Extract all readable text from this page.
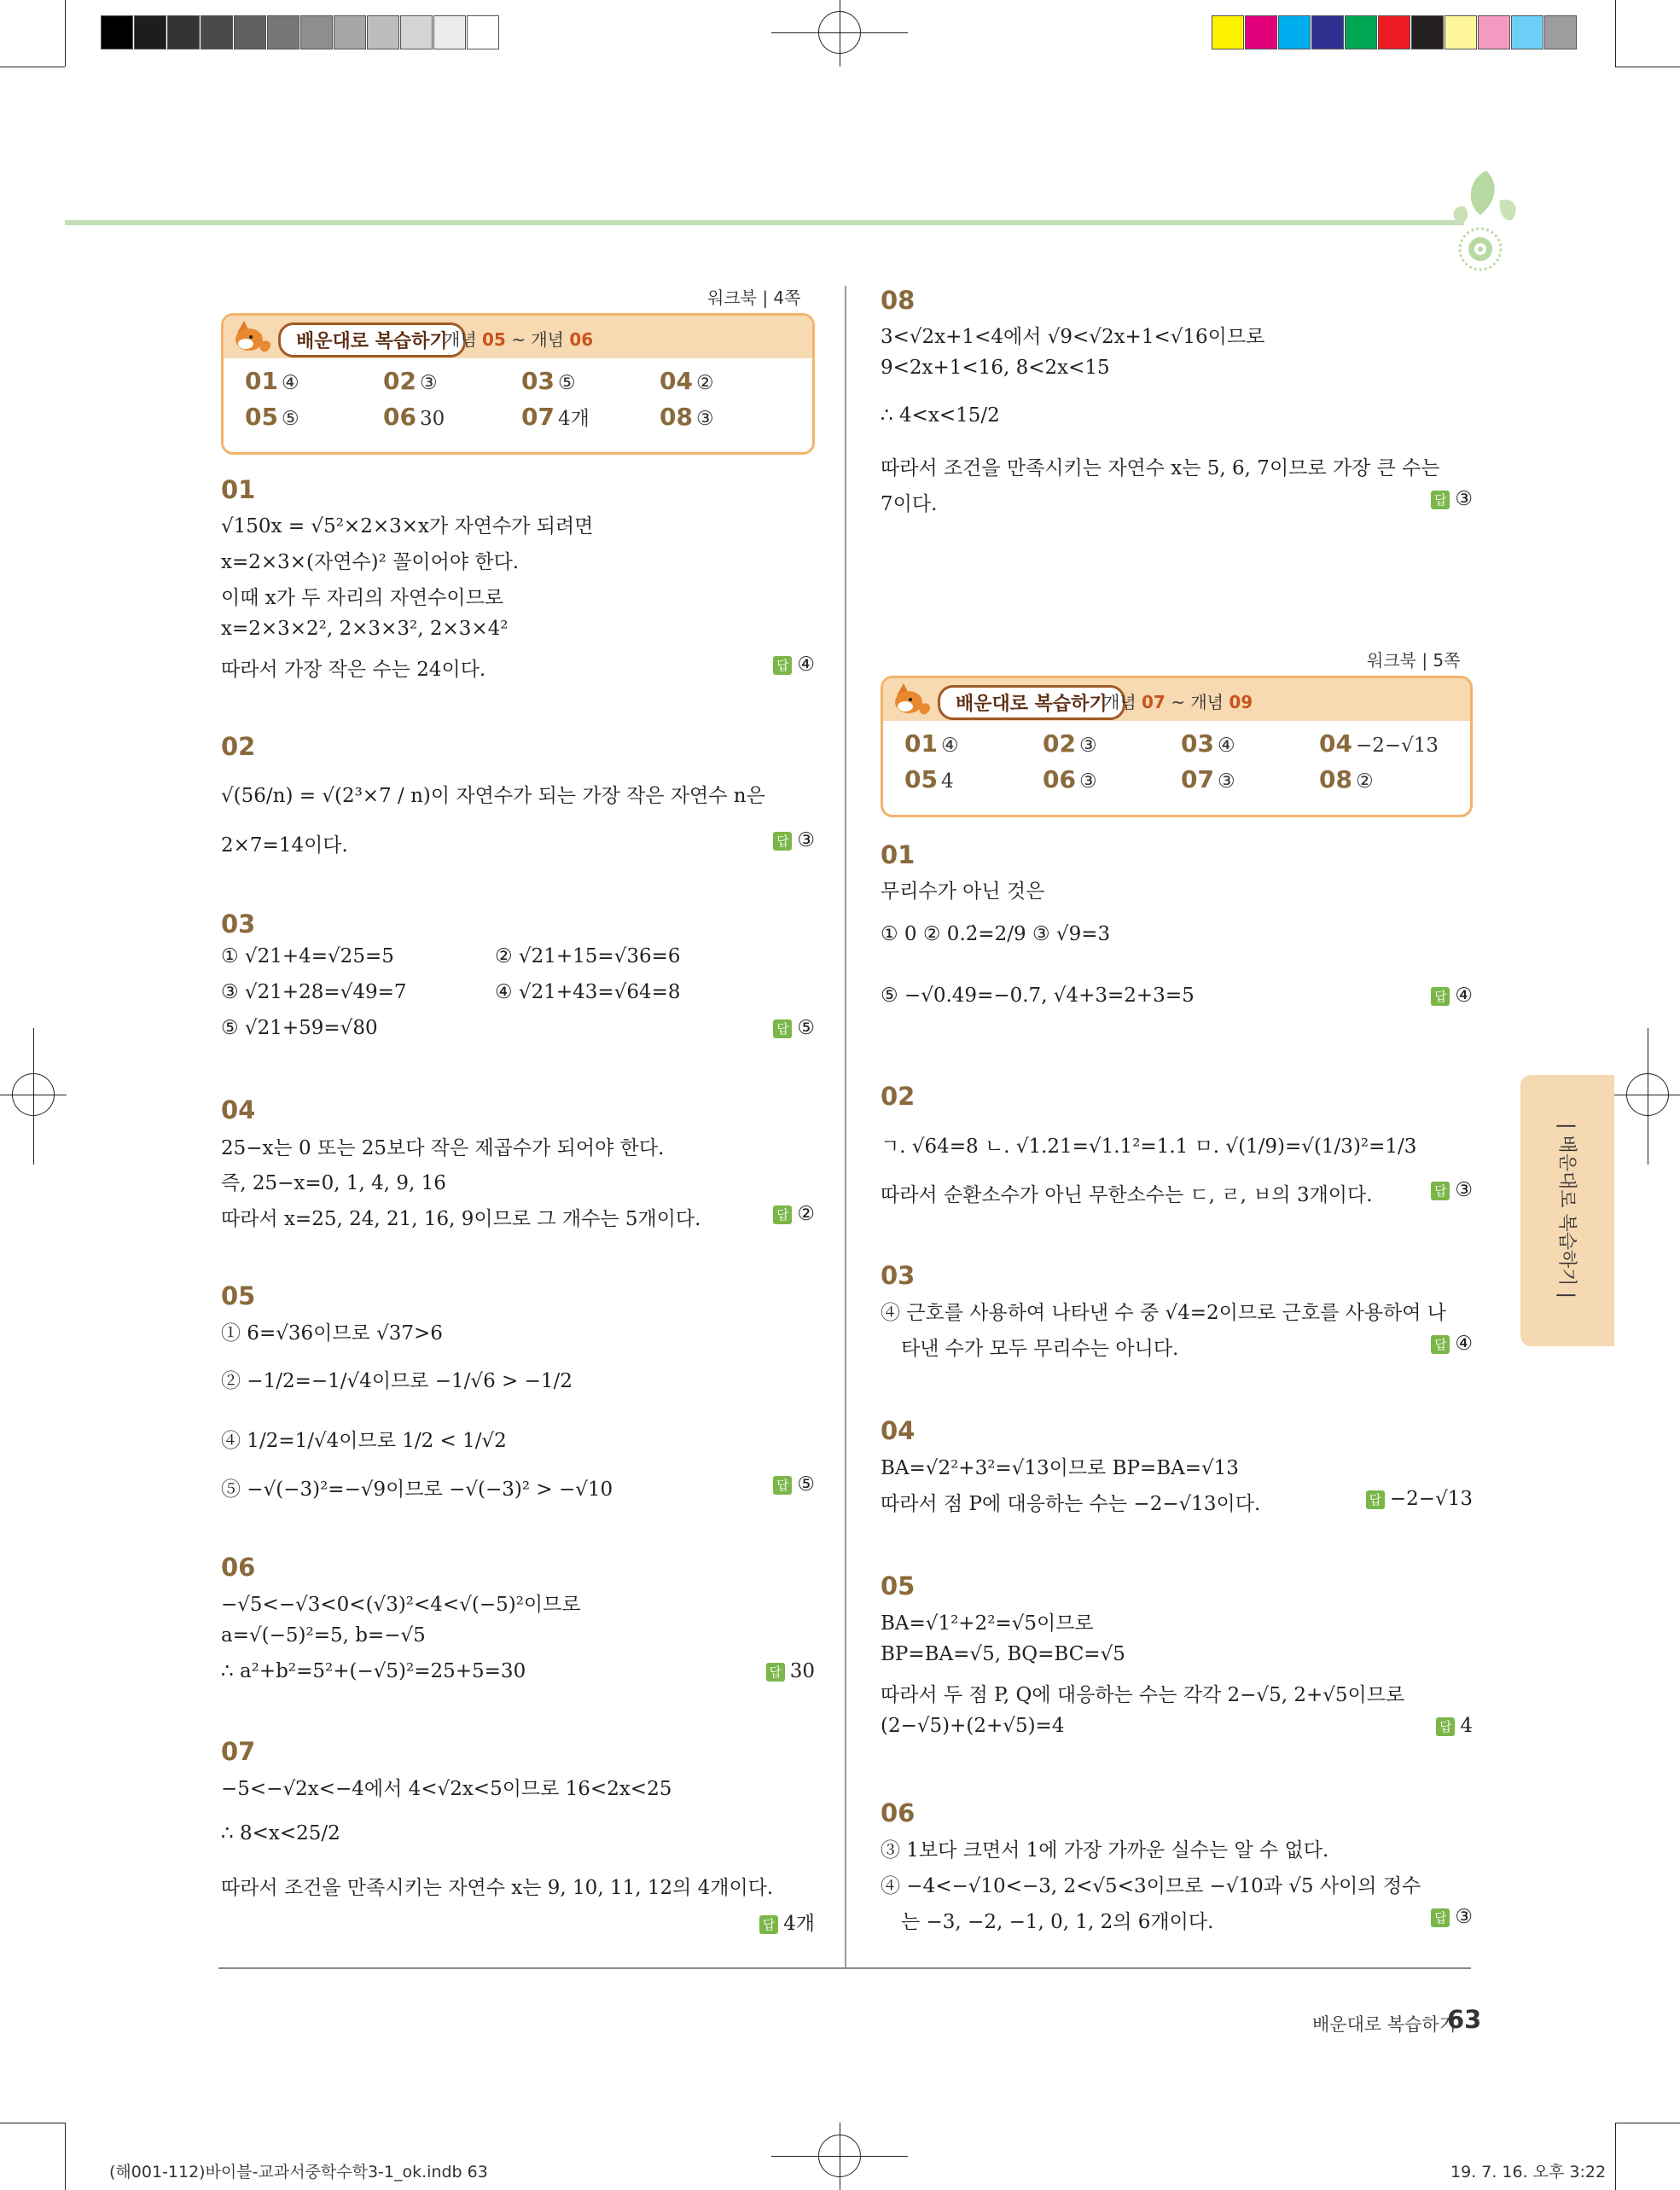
워크북 | 4쪽
배운대로 복습하기
개념 05 ~ 개념 06
01 ④	02 ③	03 ⑤	04 ②
05 ⑤	06 30	07 4개	08 ③
01
√150x = √5²×2×3×x가 자연수가 되려면
x=2×3×(자연수)² 꼴이어야 한다.
이때 x가 두 자리의 자연수이므로
x=2×3×2², 2×3×3², 2×3×4²
따라서 가장 작은 수는 24이다.	답 ④
02
√(56/n) = √(2³×7 / n)이 자연수가 되는 가장 작은 자연수 n은
2×7=14이다.	답 ③
03
① √21+4=√25=5	② √21+15=√36=6
③ √21+28=√49=7	④ √21+43=√64=8
⑤ √21+59=√80	답 ⑤
04
25−x는 0 또는 25보다 작은 제곱수가 되어야 한다.
즉, 25−x=0, 1, 4, 9, 16
따라서 x=25, 24, 21, 16, 9이므로 그 개수는 5개이다.	답 ②
05
① 6=√36이므로 √37>6
② −1/2=−1/√4이므로 −1/√6 > −1/2
④ 1/2=1/√4이므로 1/2 < 1/√2
⑤ −√(−3)²=−√9이므로 −√(−3)² > −√10	답 ⑤
06
−√5<−√3<0<(√3)²<4<√(−5)²이므로
a=√(−5)²=5, b=−√5
∴ a²+b²=5²+(−√5)²=25+5=30	답 30
07
−5<−√2x<−4에서 4<√2x<5이므로 16<2x<25
∴ 8<x<25/2
따라서 조건을 만족시키는 자연수 x는 9, 10, 11, 12의 4개이다.
답 4개
08
3<√2x+1<4에서 √9<√2x+1<√16이므로
9<2x+1<16, 8<2x<15
∴ 4<x<15/2
따라서 조건을 만족시키는 자연수 x는 5, 6, 7이므로 가장 큰 수는
7이다.	답 ③
워크북 | 5쪽
배운대로 복습하기
개념 07 ~ 개념 09
01 ④	02 ③	03 ④	04 −2−√13
05 4	06 ③	07 ③	08 ②
01
무리수가 아닌 것은
① 0 ② 0.2̇=2/9 ③ √9=3
⑤ −√0.49=−0.7, √4+3=2+3=5	답 ④
02
ㄱ. √64=8 ㄴ. √1.21=√1.1²=1.1 ㅁ. √(1/9)=√(1/3)²=1/3
따라서 순환소수가 아닌 무한소수는 ㄷ, ㄹ, ㅂ의 3개이다.	답 ③
03
④ 근호를 사용하여 나타낸 수 중 √4=2이므로 근호를 사용하여 나
타낸 수가 모두 무리수는 아니다.	답 ④
04
BA=√2²+3²=√13이므로 BP=BA=√13
따라서 점 P에 대응하는 수는 −2−√13이다.	답 −2−√13
05
BA=√1²+2²=√5이므로
BP=BA=√5, BQ=BC=√5
따라서 두 점 P, Q에 대응하는 수는 각각 2−√5, 2+√5이므로
(2−√5)+(2+√5)=4	답 4
06
③ 1보다 크면서 1에 가장 가까운 실수는 알 수 없다.
④ −4<−√10<−3, 2<√5<3이므로 −√10과 √5 사이의 정수
는 −3, −2, −1, 0, 1, 2의 6개이다.	답 ③
| 배운대로 복습하기 |
배운대로 복습하기
63
(해001-112)바이블-교과서중학수학3-1_ok.indb 63	19. 7. 16. 오후 3:22
